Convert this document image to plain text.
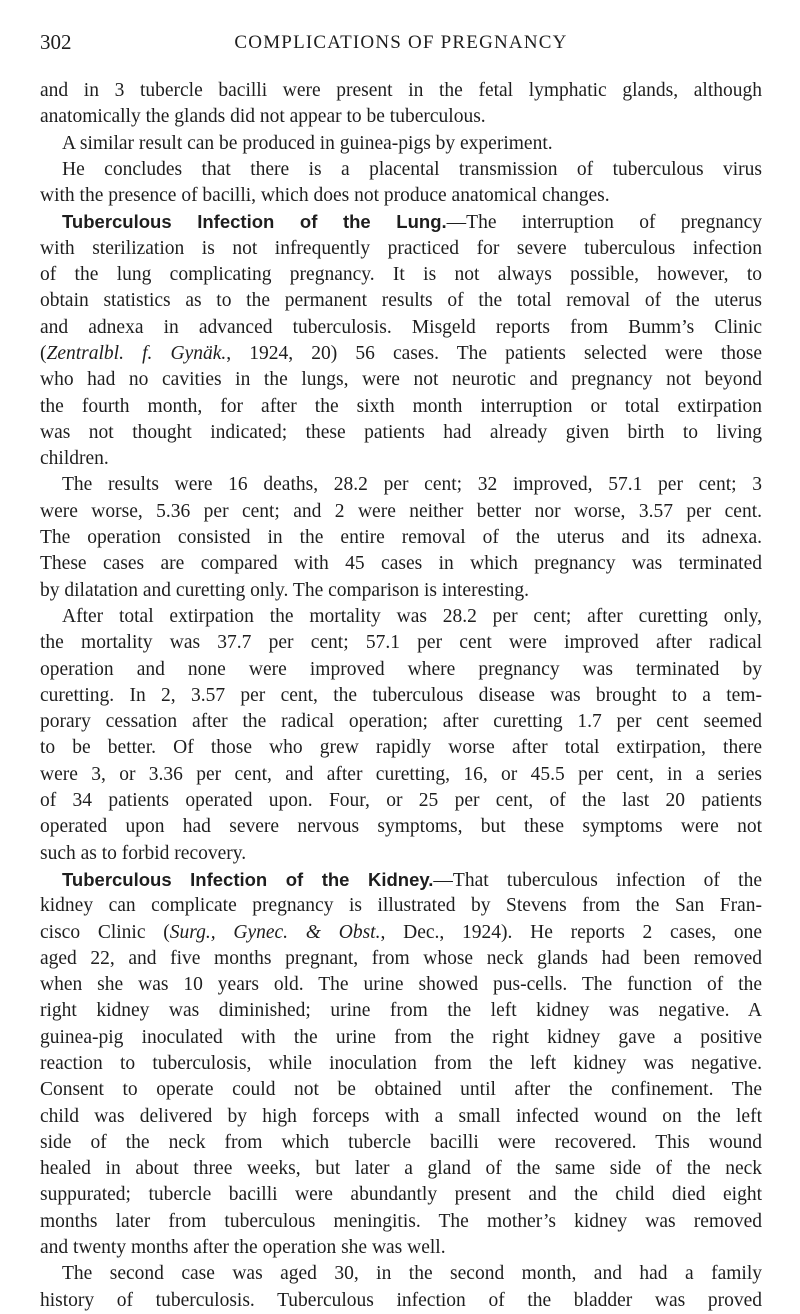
302	COMPLICATIONS OF PREGNANCY
and in 3 tubercle bacilli were present in the fetal lymphatic glands, although
anatomically the glands did not appear to be tuberculous.
A similar result can be produced in guinea-pigs by experiment.
He concludes that there is a placental transmission of tuberculous virus
with the presence of bacilli, which does not produce anatomical changes.
Tuberculous Infection of the Lung.—The interruption of pregnancy
with sterilization is not infrequently practiced for severe tuberculous infection
of the lung complicating pregnancy. It is not always possible, however, to
obtain statistics as to the permanent results of the total removal of the uterus
and adnexa in advanced tuberculosis. Misgeld reports from Bumm’s Clinic
(Zentralbl. f. Gynäk., 1924, 20) 56 cases. The patients selected were those
who had no cavities in the lungs, were not neurotic and pregnancy not beyond
the fourth month, for after the sixth month interruption or total extirpation
was not thought indicated; these patients had already given birth to living
children.
The results were 16 deaths, 28.2 per cent; 32 improved, 57.1 per cent; 3
were worse, 5.36 per cent; and 2 were neither better nor worse, 3.57 per cent.
The operation consisted in the entire removal of the uterus and its adnexa.
These cases are compared with 45 cases in which pregnancy was terminated
by dilatation and curetting only. The comparison is interesting.
After total extirpation the mortality was 28.2 per cent; after curetting only,
the mortality was 37.7 per cent; 57.1 per cent were improved after radical
operation and none were improved where pregnancy was terminated by
curetting. In 2, 3.57 per cent, the tuberculous disease was brought to a tem-
porary cessation after the radical operation; after curetting 1.7 per cent seemed
to be better. Of those who grew rapidly worse after total extirpation, there
were 3, or 3.36 per cent, and after curetting, 16, or 45.5 per cent, in a series
of 34 patients operated upon. Four, or 25 per cent, of the last 20 patients
operated upon had severe nervous symptoms, but these symptoms were not
such as to forbid recovery.
Tuberculous Infection of the Kidney.—That tuberculous infection of the
kidney can complicate pregnancy is illustrated by Stevens from the San Fran-
cisco Clinic (Surg., Gynec. & Obst., Dec., 1924). He reports 2 cases, one
aged 22, and five months pregnant, from whose neck glands had been removed
when she was 10 years old. The urine showed pus-cells. The function of the
right kidney was diminished; urine from the left kidney was negative. A
guinea-pig inoculated with the urine from the right kidney gave a positive
reaction to tuberculosis, while inoculation from the left kidney was negative.
Consent to operate could not be obtained until after the confinement. The
child was delivered by high forceps with a small infected wound on the left
side of the neck from which tubercle bacilli were recovered. This wound
healed in about three weeks, but later a gland of the same side of the neck
suppurated; tubercle bacilli were abundantly present and the child died eight
months later from tuberculous meningitis. The mother’s kidney was removed
and twenty months after the operation she was well.
The second case was aged 30, in the second month, and had a family
history of tuberculosis. Tuberculous infection of the bladder was proved
